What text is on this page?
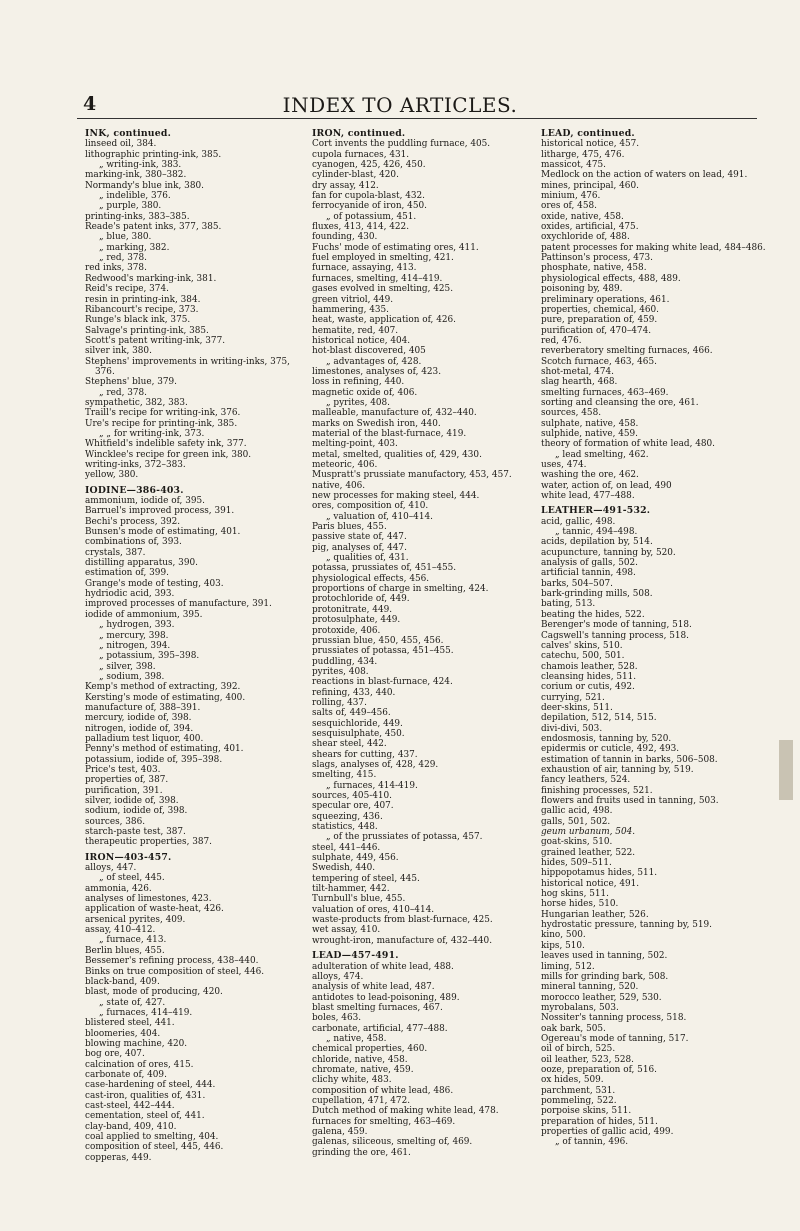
4	INDEX TO ARTICLES.
INK, continued.
linseed oil, 384.
lithographic printing-ink, 385.
„ writing-ink, 383.
marking-ink, 380–382.
Normandy's blue ink, 380.
„ indelible, 376.
„ purple, 380.
printing-inks, 383–385.
Reade's patent inks, 377, 385.
„ blue, 380.
„ marking, 382.
„ red, 378.
red inks, 378.
Redwood's marking-ink, 381.
Reid's recipe, 374.
resin in printing-ink, 384.
Ribancourt's recipe, 373.
Runge's black ink, 375.
Salvage's printing-ink, 385.
Scott's patent writing-ink, 377.
silver ink, 380.
Stephens' improvements in writing-inks, 375, 376.
Stephens' blue, 379.
„ red, 378.
sympathetic, 382, 383.
Traill's recipe for writing-ink, 376.
Ure's recipe for printing-ink, 385.
„ „ for writing-ink, 373.
Whitfield's indelible safety ink, 377.
Wincklee's recipe for green ink, 380.
writing-inks, 372–383.
yellow, 380.
IODINE—386-403.
ammonium, iodide of, 395.
Barruel's improved process, 391.
Bechi's process, 392.
Bunsen's mode of estimating, 401.
combinations of, 393.
crystals, 387.
distilling apparatus, 390.
estimation of, 399.
Grange's mode of testing, 403.
hydriodic acid, 393.
improved processes of manufacture, 391.
iodide of ammonium, 395.
„ hydrogen, 393.
„ mercury, 398.
„ nitrogen, 394.
„ potassium, 395–398.
„ silver, 398.
„ sodium, 398.
Kemp's method of extracting, 392.
Kersting's mode of estimating, 400.
manufacture of, 388–391.
mercury, iodide of, 398.
nitrogen, iodide of, 394.
palladium test liquor, 400.
Penny's method of estimating, 401.
potassium, iodide of, 395–398.
Price's test, 403.
properties of, 387.
purification, 391.
silver, iodide of, 398.
sodium, iodide of, 398.
sources, 386.
starch-paste test, 387.
therapeutic properties, 387.
IRON—403-457.
alloys, 447.
„ of steel, 445.
ammonia, 426.
analyses of limestones, 423.
application of waste-heat, 426.
arsenical pyrites, 409.
assay, 410–412.
„ furnace, 413.
Berlin blues, 455.
Bessemer's refining process, 438–440.
Binks on true composition of steel, 446.
black-band, 409.
blast, mode of producing, 420.
„ state of, 427.
„ furnaces, 414–419.
blistered steel, 441.
bloomeries, 404.
blowing machine, 420.
bog ore, 407.
calcination of ores, 415.
carbonate of, 409.
case-hardening of steel, 444.
cast-iron, qualities of, 431.
cast-steel, 442–444.
cementation, steel of, 441.
clay-band, 409, 410.
coal applied to smelting, 404.
composition of steel, 445, 446.
copperas, 449.
IRON, continued.
Cort invents the puddling furnace, 405.
cupola furnaces, 431.
cyanogen, 425, 426, 450.
cylinder-blast, 420.
dry assay, 412.
fan for cupola-blast, 432.
ferrocyanide of iron, 450.
„ of potassium, 451.
fluxes, 413, 414, 422.
founding, 430.
Fuchs' mode of estimating ores, 411.
fuel employed in smelting, 421.
furnace, assaying, 413.
furnaces, smelting, 414–419.
gases evolved in smelting, 425.
green vitriol, 449.
hammering, 435.
heat, waste, application of, 426.
hematite, red, 407.
historical notice, 404.
hot-blast discovered, 405
„ advantages of, 428.
limestones, analyses of, 423.
loss in refining, 440.
magnetic oxide of, 406.
„ pyrites, 408.
malleable, manufacture of, 432–440.
marks on Swedish iron, 440.
material of the blast-furnace, 419.
melting-point, 403.
metal, smelted, qualities of, 429, 430.
meteoric, 406.
Muspratt's prussiate manufactory, 453, 457.
native, 406.
new processes for making steel, 444.
ores, composition of, 410.
„ valuation of, 410–414.
Paris blues, 455.
passive state of, 447.
pig, analyses of, 447.
„ qualities of, 431.
potassa, prussiates of, 451–455.
physiological effects, 456.
proportions of charge in smelting, 424.
protochloride of, 449.
protonitrate, 449.
protosulphate, 449.
protoxide, 406.
prussian blue, 450, 455, 456.
prussiates of potassa, 451–455.
puddling, 434.
pyrites, 408.
reactions in blast-furnace, 424.
refining, 433, 440.
rolling, 437.
salts of, 449–456.
sesquichloride, 449.
sesquisulphate, 450.
shear steel, 442.
shears for cutting, 437.
slags, analyses of, 428, 429.
smelting, 415.
„ furnaces, 414-419.
sources, 405-410.
specular ore, 407.
squeezing, 436.
statistics, 448.
„ of the prussiates of potassa, 457.
steel, 441–446.
sulphate, 449, 456.
Swedish, 440.
tempering of steel, 445.
tilt-hammer, 442.
Turnbull's blue, 455.
valuation of ores, 410–414.
waste-products from blast-furnace, 425.
wet assay, 410.
wrought-iron, manufacture of, 432–440.
LEAD—457-491.
adulteration of white lead, 488.
alloys, 474.
analysis of white lead, 487.
antidotes to lead-poisoning, 489.
blast smelting furnaces, 467.
boles, 463.
carbonate, artificial, 477–488.
„ native, 458.
chemical properties, 460.
chloride, native, 458.
chromate, native, 459.
clichy white, 483.
composition of white lead, 486.
cupellation, 471, 472.
Dutch method of making white lead, 478.
furnaces for smelting, 463–469.
galena, 459.
galenas, siliceous, smelting of, 469.
grinding the ore, 461.
LEAD, continued.
historical notice, 457.
litharge, 475, 476.
massicot, 475.
Medlock on the action of waters on lead, 491.
mines, principal, 460.
minium, 476.
ores of, 458.
oxide, native, 458.
oxides, artificial, 475.
oxychloride of, 488.
patent processes for making white lead, 484–486.
Pattinson's process, 473.
phosphate, native, 458.
physiological effects, 488, 489.
poisoning by, 489.
preliminary operations, 461.
properties, chemical, 460.
pure, preparation of, 459.
purification of, 470–474.
red, 476.
reverberatory smelting furnaces, 466.
Scotch furnace, 463, 465.
shot-metal, 474.
slag hearth, 468.
smelting furnaces, 463–469.
sorting and cleansing the ore, 461.
sources, 458.
sulphate, native, 458.
sulphide, native, 459.
theory of formation of white lead, 480.
„ lead smelting, 462.
uses, 474.
washing the ore, 462.
water, action of, on lead, 490
white lead, 477–488.
LEATHER—491-532.
acid, gallic, 498.
„ tannic, 494–498.
acids, depilation by, 514.
acupuncture, tanning by, 520.
analysis of galls, 502.
artificial tannin, 498.
barks, 504–507.
bark-grinding mills, 508.
bating, 513.
beating the hides, 522.
Berenger's mode of tanning, 518.
Cagswell's tanning process, 518.
calves' skins, 510.
catechu, 500, 501.
chamois leather, 528.
cleansing hides, 511.
corium or cutis, 492.
currying, 521.
deer-skins, 511.
depilation, 512, 514, 515.
divi-divi, 503.
endosmosis, tanning by, 520.
epidermis or cuticle, 492, 493.
estimation of tannin in barks, 506–508.
exhaustion of air, tanning by, 519.
fancy leathers, 524.
finishing processes, 521.
flowers and fruits used in tanning, 503.
gallic acid, 498.
galls, 501, 502.
geum urbanum, 504.
goat-skins, 510.
grained leather, 522.
hides, 509–511.
hippopotamus hides, 511.
historical notice, 491.
hog skins, 511.
horse hides, 510.
Hungarian leather, 526.
hydrostatic pressure, tanning by, 519.
kino, 500.
kips, 510.
leaves used in tanning, 502.
liming, 512.
mills for grinding bark, 508.
mineral tanning, 520.
morocco leather, 529, 530.
myrobalans, 503.
Nossiter's tanning process, 518.
oak bark, 505.
Ogereau's mode of tanning, 517.
oil of birch, 525.
oil leather, 523, 528.
ooze, preparation of, 516.
ox hides, 509.
parchment, 531.
pommeling, 522.
porpoise skins, 511.
preparation of hides, 511.
properties of gallic acid, 499.
„ of tannin, 496.
